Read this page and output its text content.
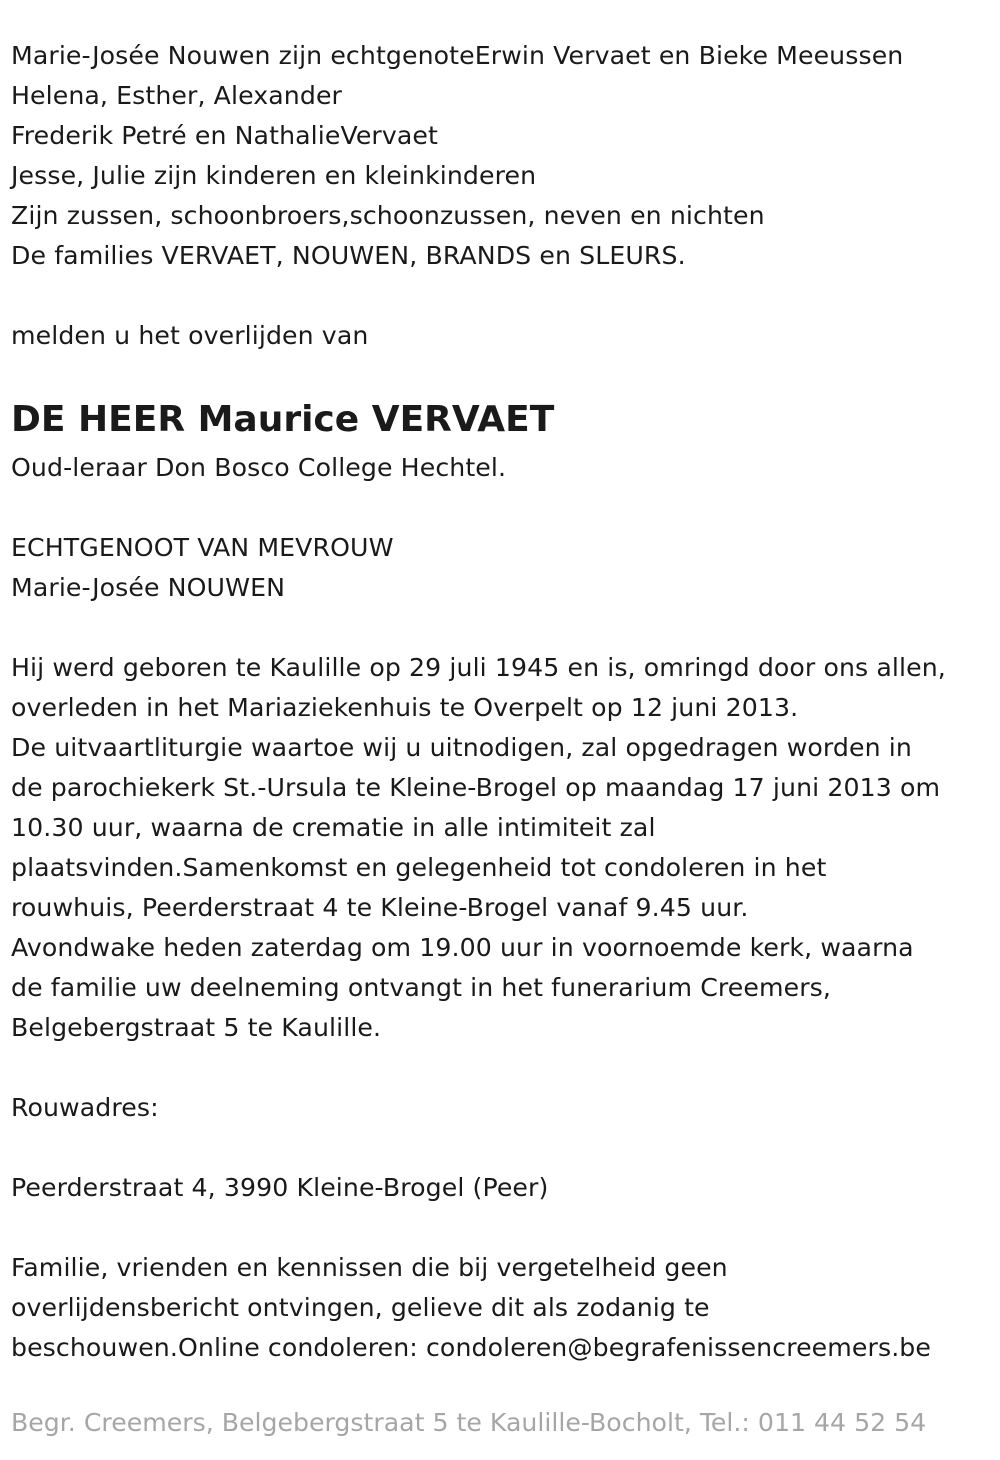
Marie-Josée Nouwen zijn echtgenoteErwin Vervaet en Bieke Meeussen
Helena, Esther, Alexander
Frederik Petré en NathalieVervaet
Jesse, Julie zijn kinderen en kleinkinderen
Zijn zussen, schoonbroers,schoonzussen, neven en nichten
De families VERVAET, NOUWEN, BRANDS en SLEURS.
melden u het overlijden van
DE HEER Maurice VERVAET
Oud-leraar Don Bosco College Hechtel.
ECHTGENOOT VAN MEVROUW
Marie-Josée NOUWEN
Hij werd geboren te Kaulille op 29 juli 1945 en is, omringd door ons allen,
overleden in het Mariaziekenhuis te Overpelt op 12 juni 2013.
De uitvaartliturgie waartoe wij u uitnodigen, zal opgedragen worden in
de parochiekerk St.-Ursula te Kleine-Brogel op maandag 17 juni 2013 om
10.30 uur, waarna de crematie in alle intimiteit zal
plaatsvinden.Samenkomst en gelegenheid tot condoleren in het
rouwhuis, Peerderstraat 4 te Kleine-Brogel vanaf 9.45 uur.
Avondwake heden zaterdag om 19.00 uur in voornoemde kerk, waarna
de familie uw deelneming ontvangt in het funerarium Creemers,
Belgebergstraat 5 te Kaulille.
Rouwadres:
Peerderstraat 4, 3990 Kleine-Brogel (Peer)
Familie, vrienden en kennissen die bij vergetelheid geen
overlijdensbericht ontvingen, gelieve dit als zodanig te
beschouwen.Online condoleren: condoleren@begrafenissencreemers.be
Begr. Creemers, Belgebergstraat 5 te Kaulille-Bocholt, Tel.: 011 44 52 54
